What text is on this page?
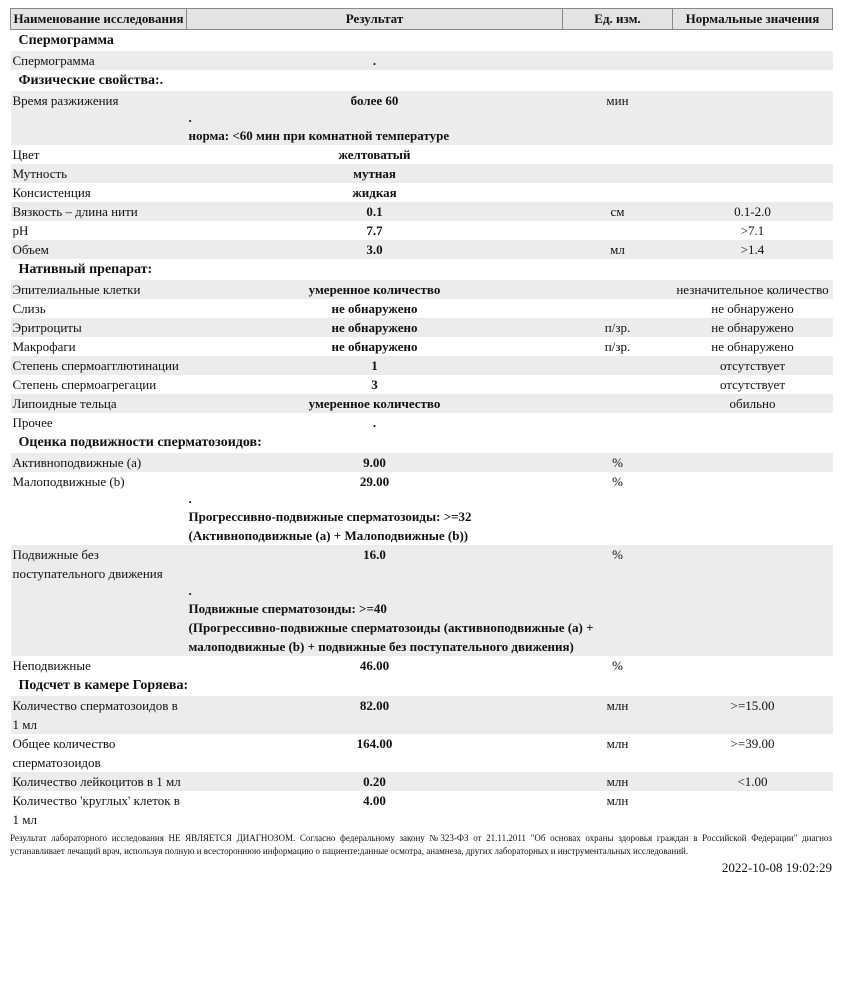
Наименование исследования	Результат	Ед. изм.	Нормальные значения
Спермограмма			
Спермограмма	.		
Физические свойства:.			
Время разжижения	более 60	мин	

	.
норма: <60 мин при комнатной температуре		
Цвет	желтоватый		
Мутность	мутная		
Консистенция	жидкая		
Вязкость – длина нити	0.1	см	0.1-2.0
pH	7.7		>7.1
Объем	3.0	мл	>1.4
Нативный препарат:			
Эпителиальные клетки	умеренное количество		незначительное количество
Слизь	не обнаружено		не обнаружено
Эритроциты	не обнаружено	п/зр.	не обнаружено
Макрофаги	не обнаружено	п/зр.	не обнаружено
Степень спермоагглютинации	1		отсутствует
Степень спермоагрегации	3		отсутствует
Липоидные тельца	умеренное количество		обильно
Прочее	.		
Оценка подвижности сперматозоидов:			
Активноподвижные (a)	9.00	%	
Малоподвижные (b)	29.00	%	

	.
Прогрессивно-подвижные сперматозоиды: >=32
(Активноподвижные (a) + Малоподвижные (b))		

Подвижные без поступательного движения	16.0	%	

	.
Подвижные сперматозоиды: >=40
(Прогрессивно-подвижные сперматозоиды (активноподвижные (a) + малоподвижные (b) + подвижные без поступательного движения)		

Неподвижные	46.00	%	
Подсчет в камере Горяева:			
Количество сперматозоидов в 1 мл	82.00	млн	>=15.00
Общее количество сперматозоидов	164.00	млн	>=39.00
Количество лейкоцитов в 1 мл	0.20	млн	<1.00
Количество 'круглых' клеток в 1 мл	4.00	млн	
Результат лабораторного исследования НЕ ЯВЛЯЕТСЯ ДИАГНОЗОМ. Согласно федеральному закону №323-ФЗ от 21.11.2011 "Об основах охраны здоровья граждан в Российской Федерации" диагноз устанавливает лечащий врач, используя полную и всестороннюю информацию о пациенте:данные осмотра, анамнеза, других лабораторных и инструментальных исследований.
2022-10-08 19:02:29
